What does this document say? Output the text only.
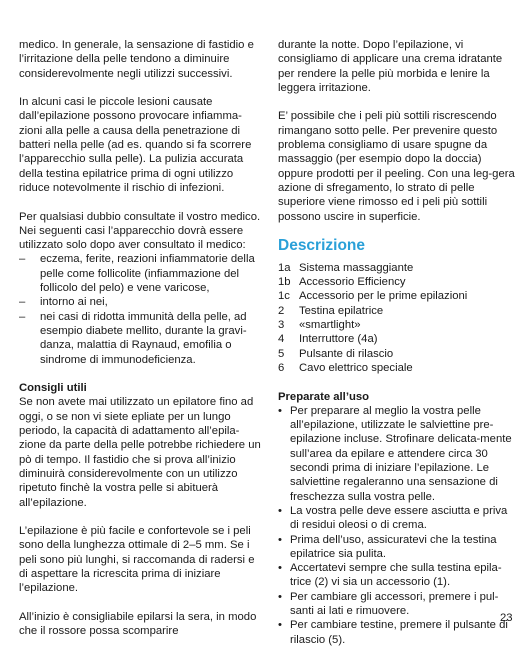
medico. In generale, la sensazione di fastidio e l’irritazione della pelle tendono a diminuire considerevolmente negli utilizzi successivi.

In alcuni casi le piccole lesioni causate dall’epilazione possono provocare infiamma-zioni alla pelle a causa della penetrazione di batteri nella pelle (ad es. quando si fa scorrere l’apparecchio sulla pelle). La pulizia accurata della testina epilatrice prima di ogni utilizzo riduce notevolmente il rischio di infezioni.

Per qualsiasi dubbio consultate il vostro medico. Nei seguenti casi l’apparecchio dovrà essere utilizzato solo dopo aver consultato il medico:

– eczema, ferite, reazioni infiammatorie della pelle come follicolite (infiammazione del follicolo del pelo) e vene varicose,
– intorno ai nei,
– nei casi di ridotta immunità della pelle, ad esempio diabete mellito, durante la gravi-danza, malattia di Raynaud, emofilia o sindrome di immunodeficienza.
Consigli utili

Se non avete mai utilizzato un epilatore fino ad oggi, o se non vi siete epliate per un lungo periodo, la capacità di adattamento all’epila-zione da parte della pelle potrebbe richiedere un pò di tempo. Il fastidio che si prova all’inizio diminuirà considerevolmente con un utilizzo ripetuto finchè la vostra pelle si abituerà all’epilazione.

L’epilazione è più facile e confortevole se i peli sono della lunghezza ottimale di 2–5 mm. Se i peli sono più lunghi, si raccomanda di radersi e di aspettare la ricrescita prima di iniziare l’epilazione.

All’inizio è consigliabile epilarsi la sera, in modo che il rossore possa scomparire

durante la notte. Dopo l’epilazione, vi consigliamo di applicare una crema idratante per rendere la pelle più morbida e lenire la leggera irritazione.

E’ possibile che i peli più sottili riscrescendo rimangano sotto pelle. Per prevenire questo problema consigliamo di usare spugne da massaggio (per esempio dopo la doccia) oppure prodotti per il peeling. Con una leg-gera azione di sfregamento, lo strato di pelle superiore viene rimosso ed i peli più sottili possono uscire in superficie.

Descrizione
1a Sistema massaggiante
1b Accessorio Efficiency
1c Accessorio per le prime epilazioni
2	Testina epilatrice
3	«smartlight»
4	Interruttore (4a)
5	Pulsante di rilascio
6	Cavo elettrico speciale
Preparate all’uso
• Per preparare al meglio la vostra pelle all’epilazione, utilizzate le salviettine pre-epilazione incluse. Strofinare delicata-mente sull’area da epilare e attendere circa 30 secondi prima di iniziare l’epilazione. Le salviettine regaleranno una sensazione di freschezza sulla vostra pelle.
• La vostra pelle deve essere asciutta e priva di residui oleosi o di crema.
• Prima dell’uso, assicuratevi che la testina epilatrice sia pulita.
• Accertatevi sempre che sulla testina epila-trice (2) vi sia un accessorio (1).
• Per cambiare gli accessori, premere i pul-santi ai lati e rimuovere.
• Per cambiare testine, premere il pulsante di rilascio (5).
23
